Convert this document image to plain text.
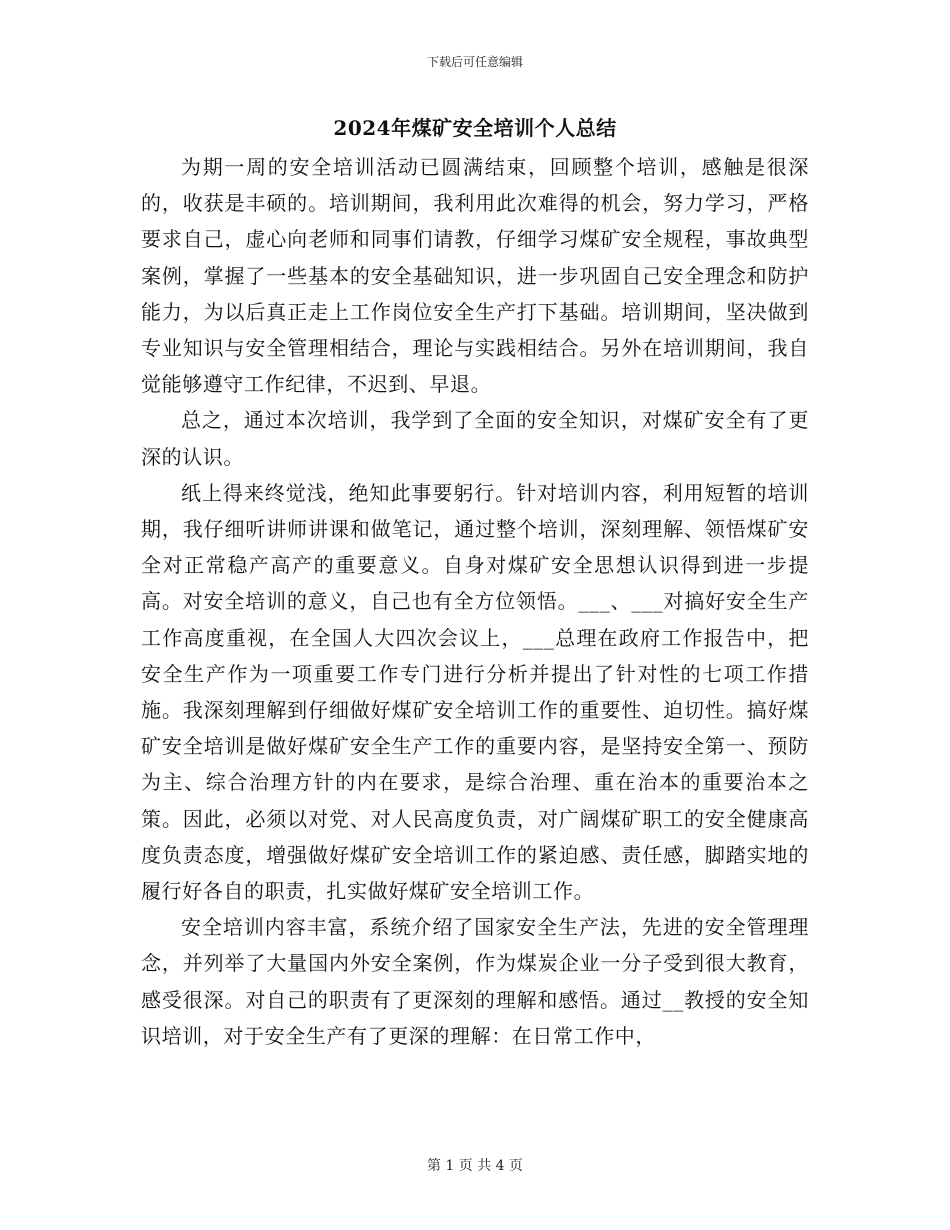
下载后可任意编辑
2024年煤矿安全培训个人总结

为期一周的安全培训活动已圆满结束，回顾整个培训，感触是很深的，收获是丰硕的。培训期间，我利用此次难得的机会，努力学习，严格要求自己，虚心向老师和同事们请教，仔细学习煤矿安全规程，事故典型案例，掌握了一些基本的安全基础知识，进一步巩固自己安全理念和防护能力，为以后真正走上工作岗位安全生产打下基础。培训期间，坚决做到专业知识与安全管理相结合，理论与实践相结合。另外在培训期间，我自觉能够遵守工作纪律，不迟到、早退。

总之，通过本次培训，我学到了全面的安全知识，对煤矿安全有了更深的认识。

纸上得来终觉浅，绝知此事要躬行。针对培训内容，利用短暂的培训期，我仔细听讲师讲课和做笔记，通过整个培训，深刻理解、领悟煤矿安全对正常稳产高产的重要意义。自身对煤矿安全思想认识得到进一步提高。对安全培训的意义，自己也有全方位领悟。___、___对搞好安全生产工作高度重视，在全国人大四次会议上，___总理在政府工作报告中，把安全生产作为一项重要工作专门进行分析并提出了针对性的七项工作措施。我深刻理解到仔细做好煤矿安全培训工作的重要性、迫切性。搞好煤矿安全培训是做好煤矿安全生产工作的重要内容，是坚持安全第一、预防为主、综合治理方针的内在要求，是综合治理、重在治本的重要治本之策。因此，必须以对党、对人民高度负责，对广阔煤矿职工的安全健康高度负责态度，增强做好煤矿安全培训工作的紧迫感、责任感，脚踏实地的履行好各自的职责，扎实做好煤矿安全培训工作。

安全培训内容丰富，系统介绍了国家安全生产法，先进的安全管理理念，并列举了大量国内外安全案例，作为煤炭企业一分子受到很大教育，感受很深。对自己的职责有了更深刻的理解和感悟。通过__教授的安全知识培训，对于安全生产有了更深的理解：在日常工作中，

第 1 页 共 4 页
